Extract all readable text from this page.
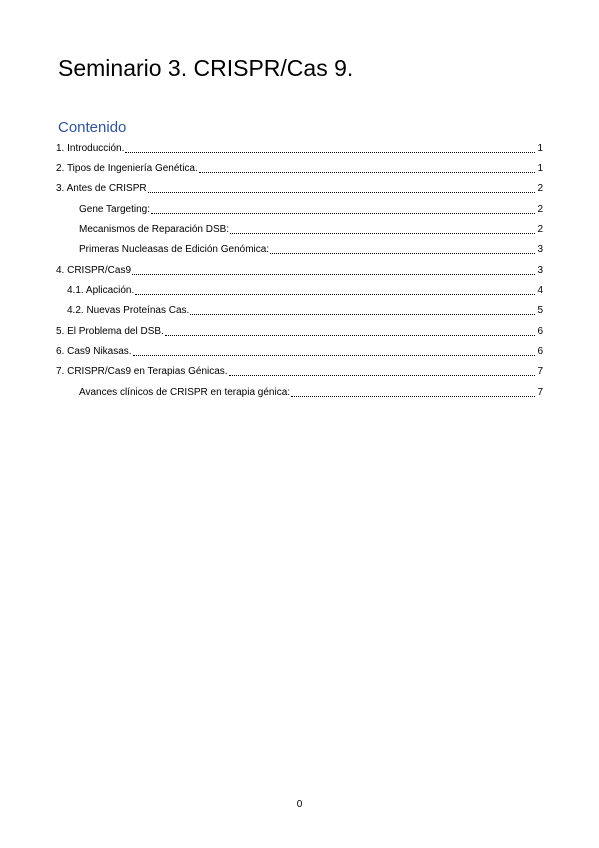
Seminario 3. CRISPR/Cas 9.
Contenido
1. Introducción.	1
2. Tipos de Ingeniería Genética.	1
3. Antes de CRISPR	2
Gene Targeting:	2
Mecanismos de Reparación DSB:	2
Primeras Nucleasas de Edición Genómica:	3
4. CRISPR/Cas9	3
4.1. Aplicación.	4
4.2. Nuevas Proteínas Cas.	5
5. El Problema del DSB.	6
6. Cas9 Nikasas.	6
7. CRISPR/Cas9 en Terapias Génicas.	7
Avances clínicos de CRISPR en terapia génica:	7
0
